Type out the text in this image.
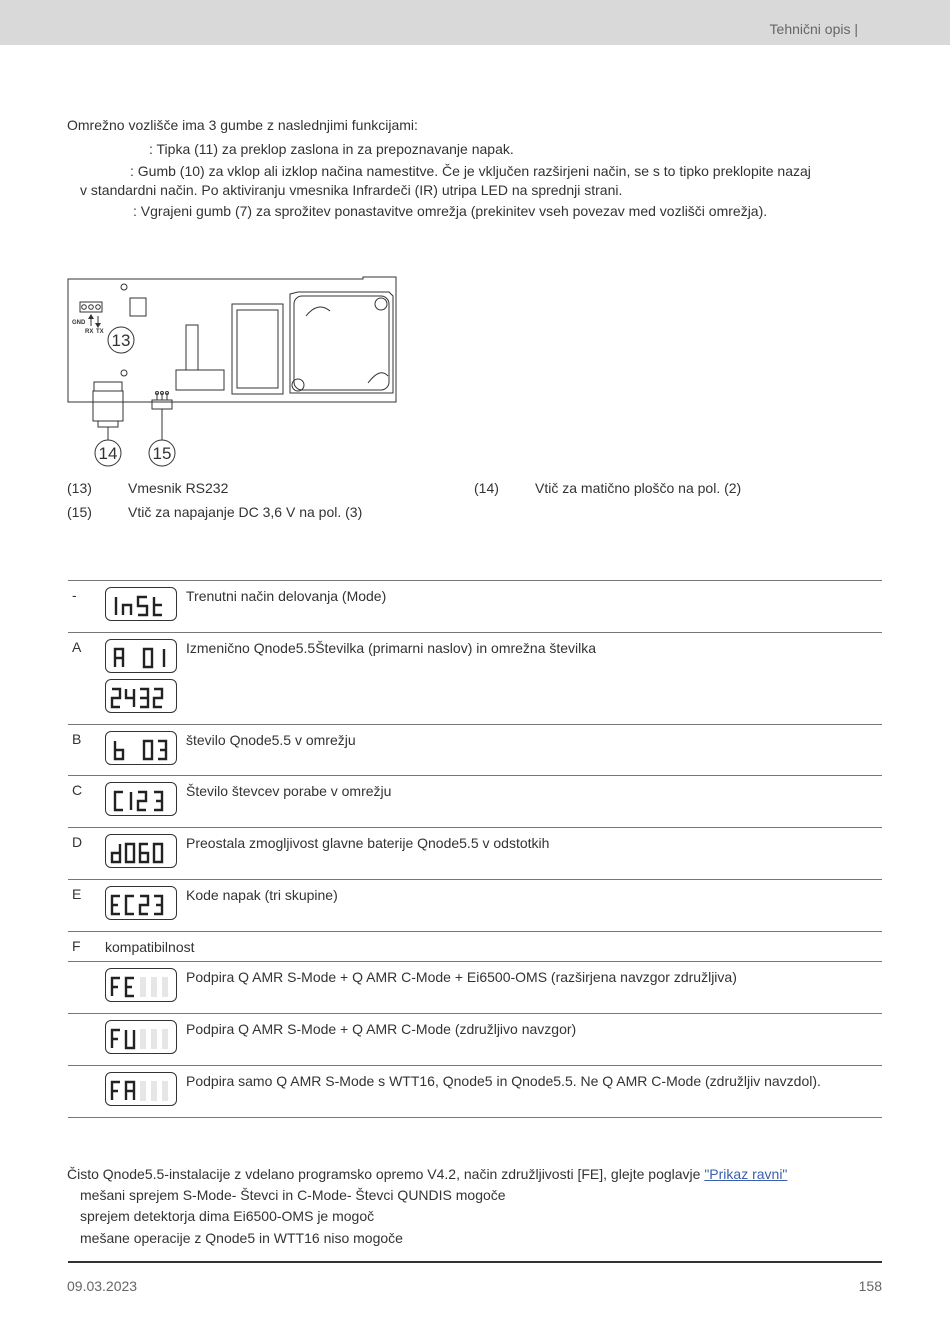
Tehnični opis |
Omrežno vozlišče ima 3 gumbe z naslednjimi funkcijami:
: Tipka (11) za preklop zaslona in za prepoznavanje napak.
: Gumb (10) za vklop ali izklop načina namestitve. Če je vključen razširjeni način, se s to tipko preklopite nazaj
v standardni način. Po aktiviranju vmesnika Infrardeči (IR) utripa LED na sprednji strani.
: Vgrajeni gumb (7) za sprožitev ponastavitve omrežja (prekinitev vseh povezav med vozlišči omrežja).
GND
RX TX 13
14 15
(13)	Vmesnik RS232	(14)	Vtič za matično ploščo na pol. (2)
(15)	Vtič za napajanje DC 3,6 V na pol. (3)
-	Trenutni način delovanja (Mode)
A	Izmenično Qnode5.5Številka (primarni naslov) in omrežna številka
B	število Qnode5.5 v omrežju
C	Število števcev porabe v omrežju
D	Preostala zmogljivost glavne baterije Qnode5.5 v odstotkih
E	Kode napak (tri skupine)
F kompatibilnost
Podpira Q AMR S-Mode + Q AMR C-Mode + Ei6500-OMS (razširjena navzgor združljiva)
Podpira Q AMR S-Mode + Q AMR C-Mode (združljivo navzgor)
Podpira samo Q AMR S-Mode s WTT16, Qnode5 in Qnode5.5. Ne Q AMR C-Mode (združljiv navzdol).
Čisto Qnode5.5-instalacije z vdelano programsko opremo V4.2, način združljivosti [FE], glejte poglavje "Prikaz ravni"
mešani sprejem S-Mode- Števci in C-Mode- Števci QUNDIS mogoče
sprejem detektorja dima Ei6500-OMS je mogoč
mešane operacije z Qnode5 in WTT16 niso mogoče
09.03.2023	158
